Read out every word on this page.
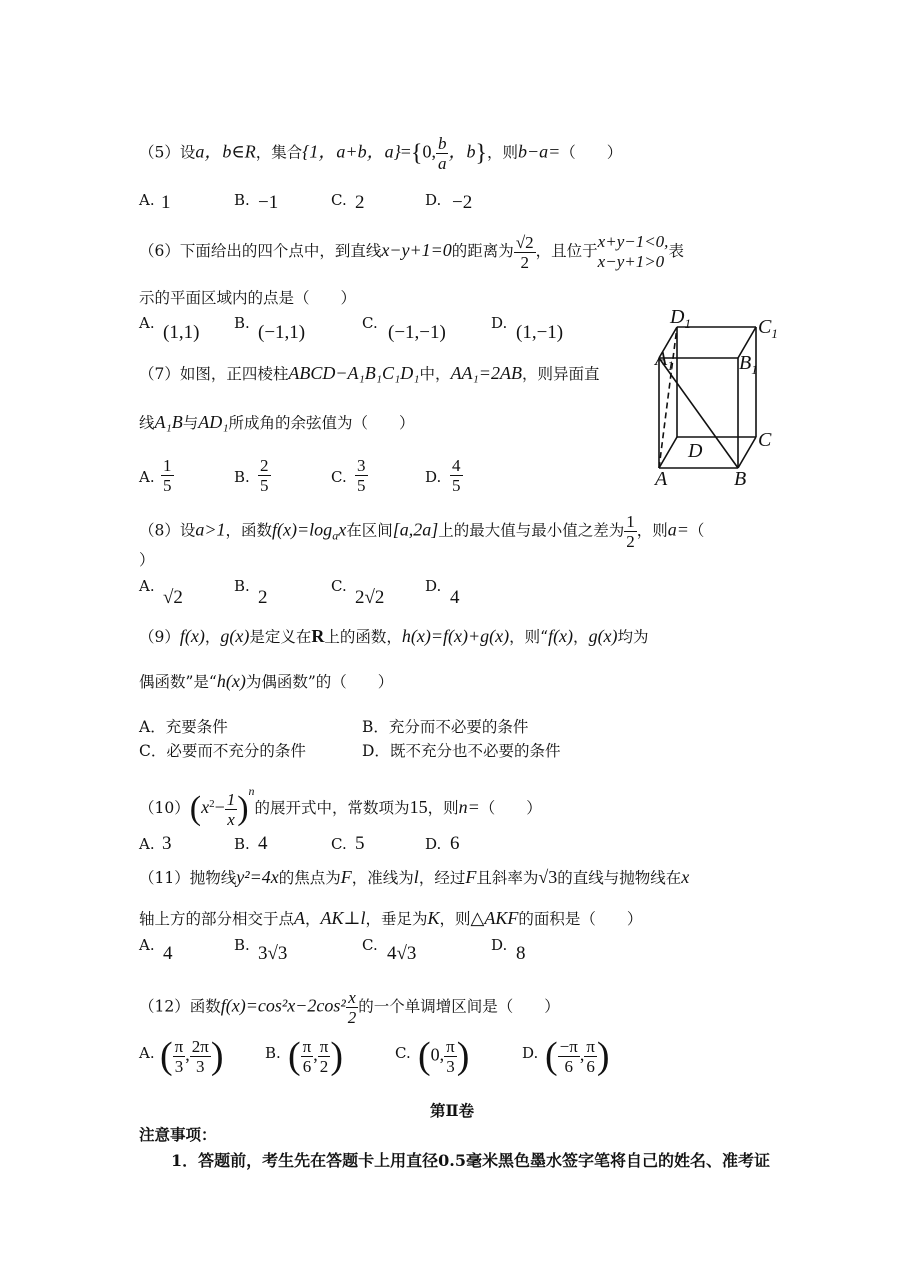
（5）设a，b∈R，集合{1，a+b，a}={0, $\frac{b}{a}$ ，b}，则b−a=（　　）
A. 1	B. −1	C. 2	D. −2
（6）下面给出的四个点中，到直线x−y+1=0的距离为 $\frac{√2}{2}$ ，且位于 x+y−1<0,
x−y+1>0
表
示的平面区域内的点是（　　）
A. (1,1) B. (−1,1)	C. (−1,−1)	D. (1,−1)
$D_1$	$C_1$
$A_1$	$B_1$
C
D
A	B
（7）如图，正四棱柱ABCD−A₁B₁C₁D₁中，AA₁=2AB，则异面直
线A₁B与AD₁所成角的余弦值为（　　）
A. $\frac{1}{5}$	B. $\frac{2}{5}$	C. $\frac{3}{5}$	D. $\frac{4}{5}$
（8）设a>1，函数$f(x)=\log_ax$在区间[a,2a]上的最大值与最小值之差为 $\frac{1}{2}$ ，则a=（
）
A.
√2
B.
2
C.
2√2
D.
4
（9）f(x)，g(x)是定义在R上的函数，h(x)=f(x)+g(x)，则“f(x)，g(x)均为
偶函数”是“h(x)为偶函数”的（　　）
A．充要条件	B．充分而不必要的条件
C．必要而不充分的条件	D．既不充分也不必要的条件
$(10)(x^2- \frac{1}{x} )^n$的展开式中，常数项为15，则n=（　　）
A. 3	B. 4	C. 5	D. 6
（11）抛物线y²=4x的焦点为F，准线为l，经过F且斜率为√3的直线与抛物线在x
轴上方的部分相交于点A，AK⊥l，垂足为K，则△AKF的面积是（　　）
A. 4	B. 3√3	C. 4√3	D. 8
（12）函数$f(x)=\cos^2x-2\cos^2 \frac{x}{2}$ 的一个单调增区间是（　　）
A. ( $\frac{\pi}{3}$ , $\frac{2\pi}{3}$ )	B. ( $\frac{\pi}{6}$ , $\frac{\pi}{2}$ )	C. (0, $\frac{\pi}{3}$ )	D. ( $\frac{-\pi}{6}$ , $\frac{\pi}{6}$ )
第Ⅱ卷
注意事项：
1．答题前，考生先在答题卡上用直径0.5毫米黑色墨水签字笔将自己的姓名、准考证
